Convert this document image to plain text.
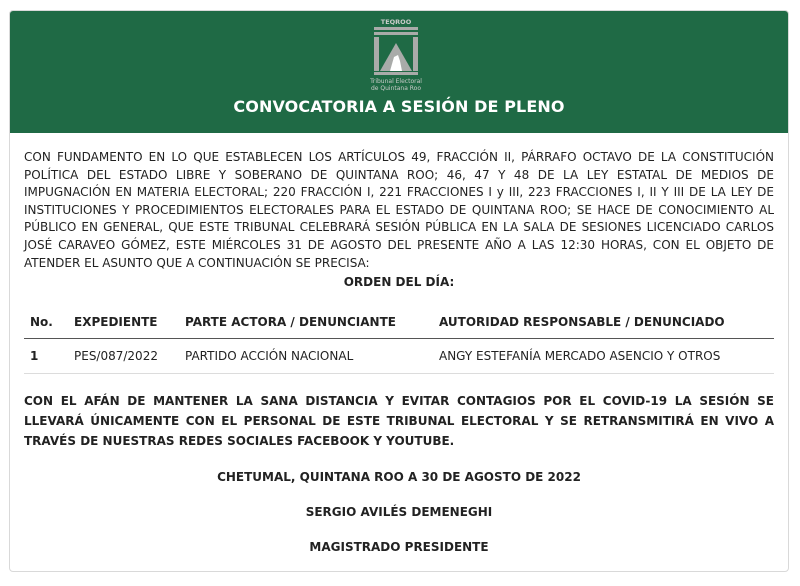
TEQROO
Tribunal Electoral
de Quintana Roo
CONVOCATORIA A SESIÓN DE PLENO
CON FUNDAMENTO EN LO QUE ESTABLECEN LOS ARTÍCULOS 49, FRACCIÓN II, PÁRRAFO OCTAVO DE LA CONSTITUCIÓN POLÍTICA DEL ESTADO LIBRE Y SOBERANO DE QUINTANA ROO; 46, 47 Y 48 DE LA LEY ESTATAL DE MEDIOS DE IMPUGNACIÓN EN MATERIA ELECTORAL; 220 FRACCIÓN I, 221 FRACCIONES I y III, 223 FRACCIONES I, II Y III DE LA LEY DE INSTITUCIONES Y PROCEDIMIENTOS ELECTORALES PARA EL ESTADO DE QUINTANA ROO; SE HACE DE CONOCIMIENTO AL PÚBLICO EN GENERAL, QUE ESTE TRIBUNAL CELEBRARÁ SESIÓN PÚBLICA EN LA SALA DE SESIONES LICENCIADO CARLOS JOSÉ CARAVEO GÓMEZ, ESTE MIÉRCOLES 31 DE AGOSTO DEL PRESENTE AÑO A LAS 12:30 HORAS, CON EL OBJETO DE ATENDER EL ASUNTO QUE A CONTINUACIÓN SE PRECISA:
ORDEN DEL DÍA:
No.	EXPEDIENTE	PARTE ACTORA / DENUNCIANTE	AUTORIDAD RESPONSABLE / DENUNCIADO
1	PES/087/2022	PARTIDO ACCIÓN NACIONAL	ANGY ESTEFANÍA MERCADO ASENCIO Y OTROS
CON EL AFÁN DE MANTENER LA SANA DISTANCIA Y EVITAR CONTAGIOS POR EL COVID-19 LA SESIÓN SE LLEVARÁ ÚNICAMENTE CON EL PERSONAL DE ESTE TRIBUNAL ELECTORAL Y SE RETRANSMITIRÁ EN VIVO A TRAVÉS DE NUESTRAS REDES SOCIALES FACEBOOK Y YOUTUBE.
CHETUMAL, QUINTANA ROO A 30 DE AGOSTO DE 2022
SERGIO AVILÉS DEMENEGHI
MAGISTRADO PRESIDENTE
